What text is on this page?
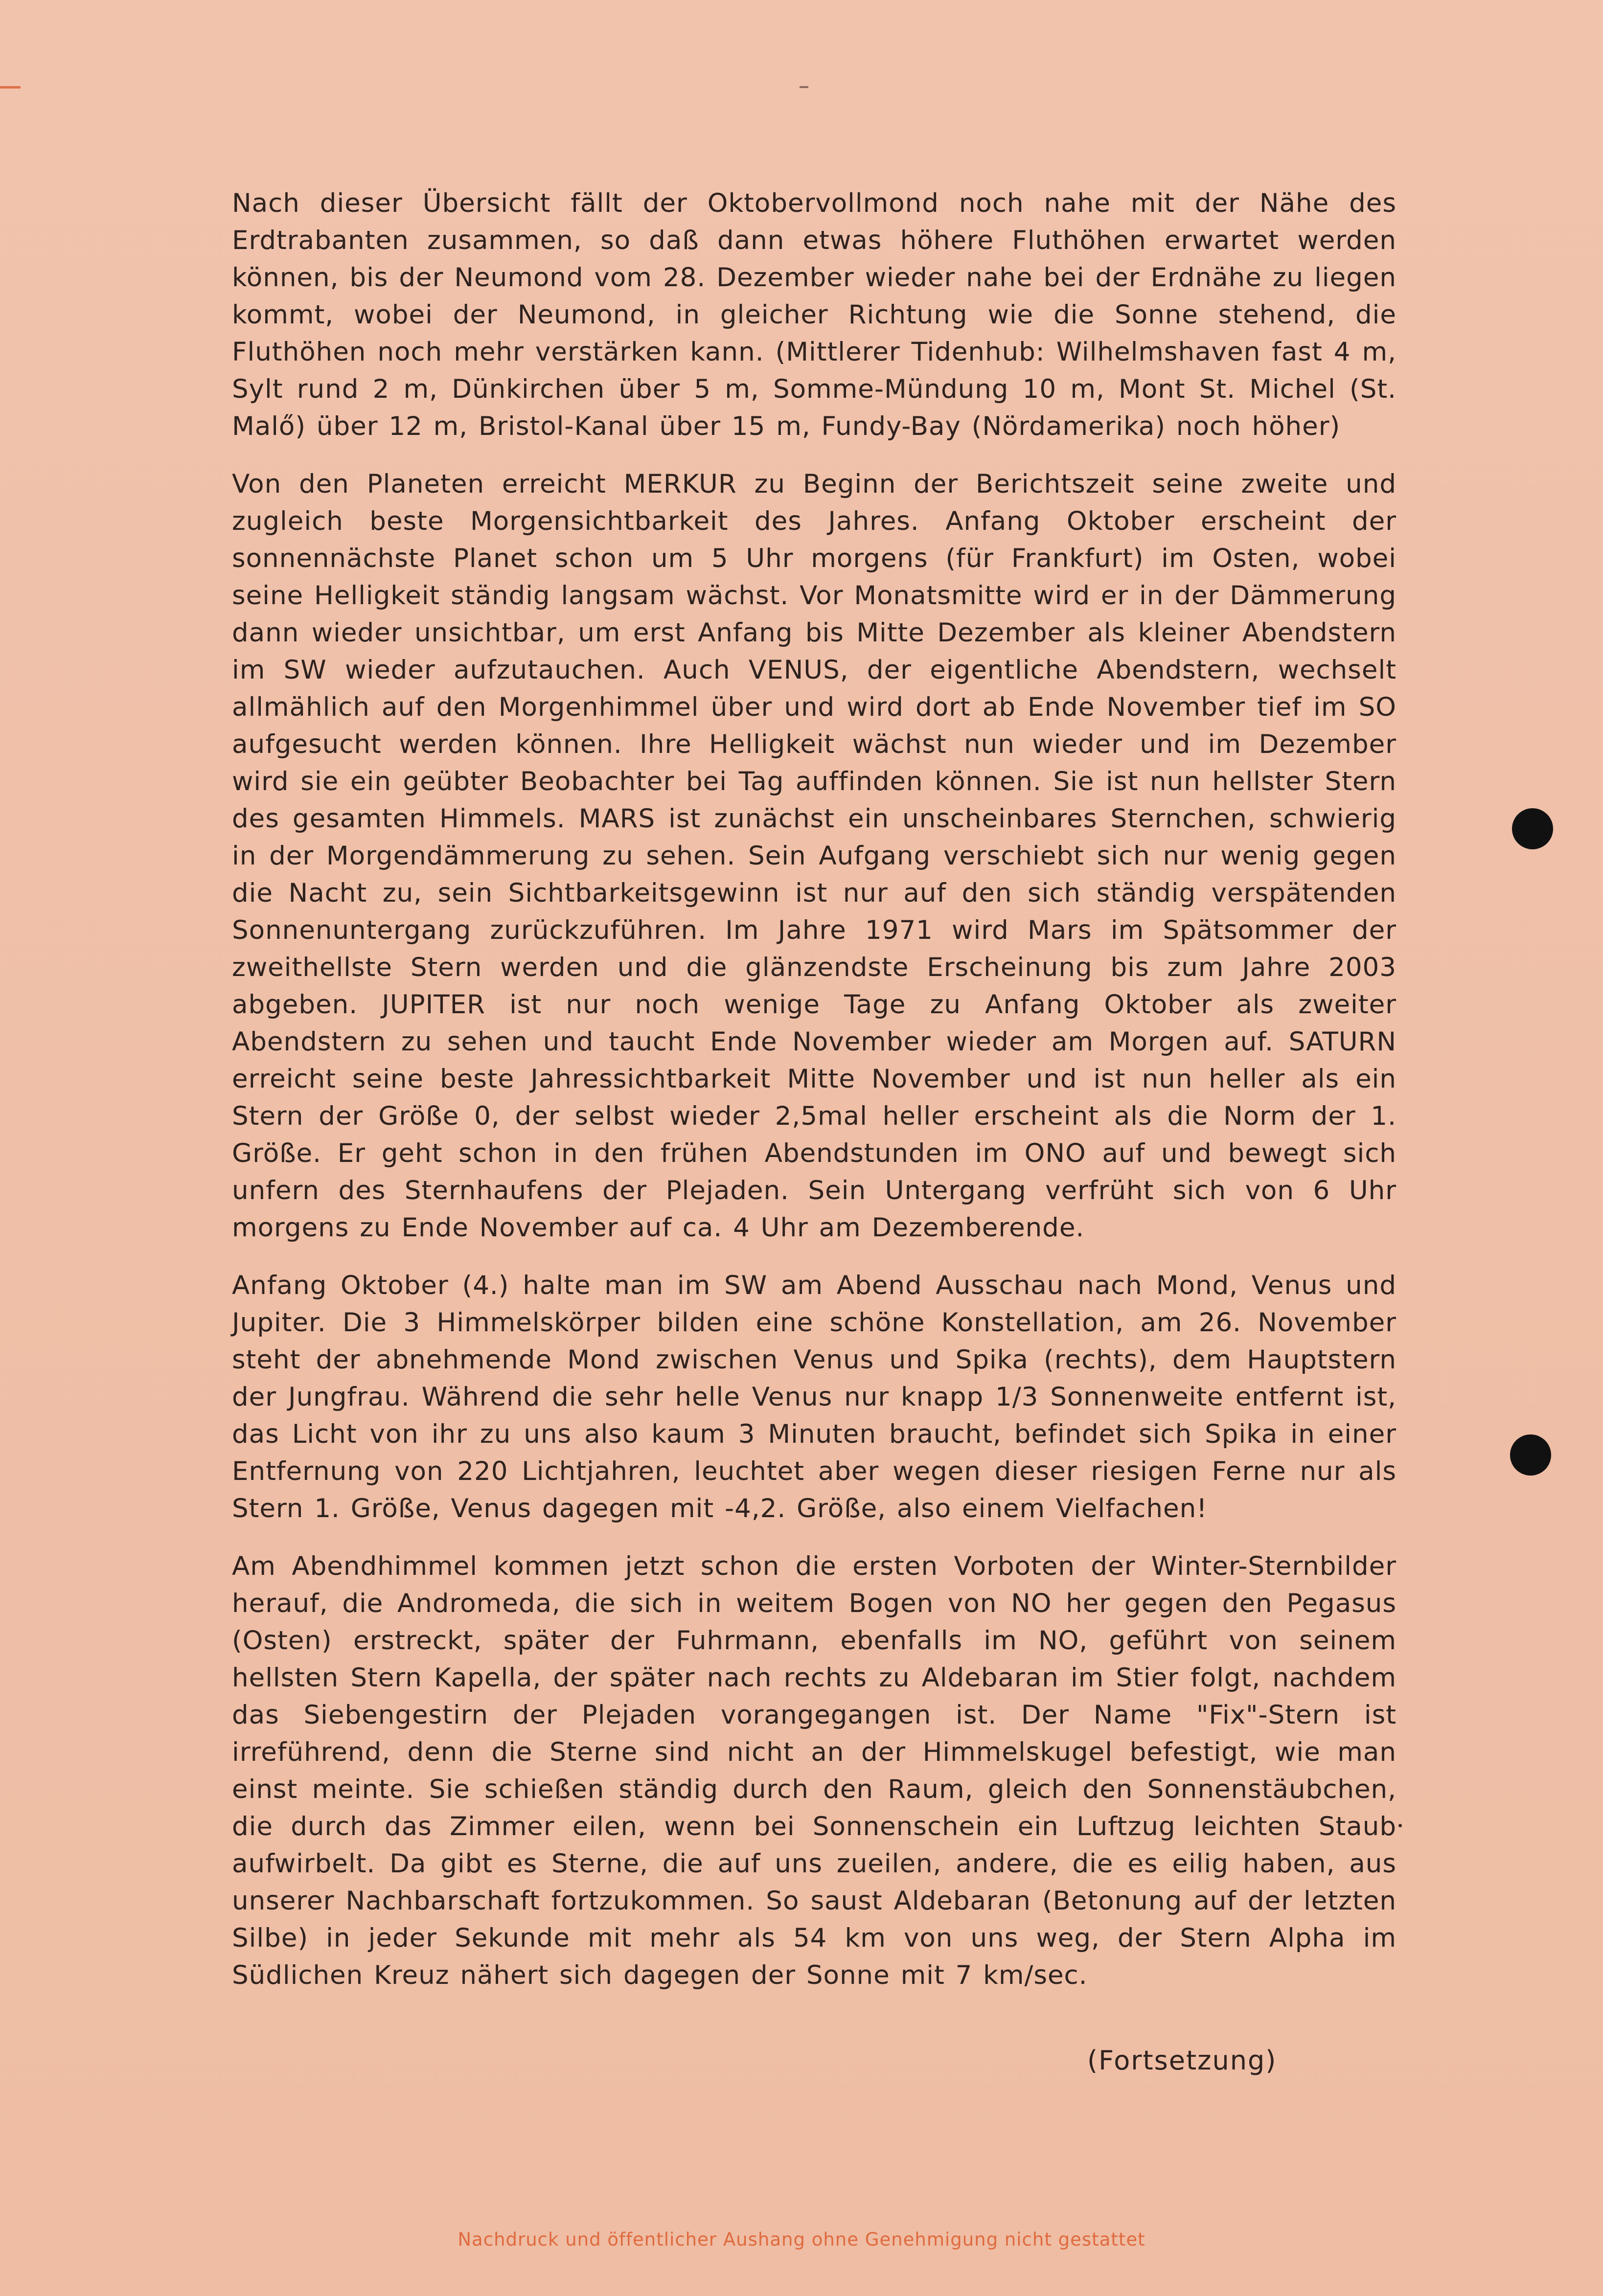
Nach dieser Übersicht fällt der Oktobervollmond noch nahe mit der Nähe des Erdtrabanten zusammen, so daß dann etwas höhere Fluthöhen erwartet werden können, bis der Neumond vom 28. Dezember wieder nahe bei der Erdnähe zu liegen kommt, wobei der Neumond, in gleicher Richtung wie die Sonne stehend, die Fluthöhen noch mehr verstärken kann. (Mittlerer Tidenhub: Wilhelmshaven fast 4 m, Sylt rund 2 m, Dünkirchen über 5 m, Somme-Mündung 10 m, Mont St. Michel (St. Malő) über 12 m, Bristol-Kanal über 15 m, Fundy-Bay (Nördamerika) noch höher)

Von den Planeten erreicht MERKUR zu Beginn der Berichtszeit seine zweite und zugleich beste Morgensichtbarkeit des Jahres. Anfang Oktober erscheint der sonnennächste Planet schon um 5 Uhr morgens (für Frankfurt) im Osten, wobei seine Helligkeit ständig langsam wächst. Vor Monatsmitte wird er in der Dämmerung dann wieder unsichtbar, um erst Anfang bis Mitte Dezember als kleiner Abendstern im SW wieder aufzutauchen. Auch VENUS, der eigentliche Abendstern, wechselt allmählich auf den Morgenhimmel über und wird dort ab Ende November tief im SO aufgesucht werden können. Ihre Helligkeit wächst nun wieder und im Dezember wird sie ein geübter Beobachter bei Tag auffinden können. Sie ist nun hellster Stern des gesamten Himmels. MARS ist zunächst ein unscheinbares Sternchen, schwierig in der Morgendämmerung zu sehen. Sein Aufgang verschiebt sich nur wenig gegen die Nacht zu, sein Sichtbarkeitsgewinn ist nur auf den sich ständig verspätenden Sonnenuntergang zurückzuführen. Im Jahre 1971 wird Mars im Spätsommer der zweithellste Stern werden und die glänzendste Erscheinung bis zum Jahre 2003 abgeben. JUPITER ist nur noch wenige Tage zu Anfang Oktober als zweiter Abendstern zu sehen und taucht Ende November wieder am Morgen auf. SATURN erreicht seine beste Jahressichtbarkeit Mitte November und ist nun heller als ein Stern der Größe 0, der selbst wieder 2,5mal heller erscheint als die Norm der 1. Größe. Er geht schon in den frühen Abendstunden im ONO auf und bewegt sich unfern des Sternhaufens der Plejaden. Sein Untergang verfrüht sich von 6 Uhr morgens zu Ende November auf ca. 4 Uhr am Dezemberende.

Anfang Oktober (4.) halte man im SW am Abend Ausschau nach Mond, Venus und Jupiter. Die 3 Himmelskörper bilden eine schöne Konstellation, am 26. November steht der abnehmende Mond zwischen Venus und Spika (rechts), dem Hauptstern der Jungfrau. Während die sehr helle Venus nur knapp 1/3 Sonnenweite entfernt ist, das Licht von ihr zu uns also kaum 3 Minuten braucht, befindet sich Spika in einer Entfernung von 220 Lichtjahren, leuchtet aber wegen dieser riesigen Ferne nur als Stern 1. Größe, Venus dagegen mit -4,2. Größe, also einem Vielfachen!

Am Abendhimmel kommen jetzt schon die ersten Vorboten der Winter-Sternbilder herauf, die Andromeda, die sich in weitem Bogen von NO her gegen den Pegasus (Osten) erstreckt, später der Fuhrmann, ebenfalls im NO, geführt von seinem hellsten Stern Kapella, der später nach rechts zu Aldebaran im Stier folgt, nachdem das Siebengestirn der Plejaden vorangegangen ist. Der Name "Fix"-Stern ist irreführend, denn die Sterne sind nicht an der Himmelskugel befestigt, wie man einst meinte. Sie schießen ständig durch den Raum, gleich den Sonnenstäubchen, die durch das Zimmer eilen, wenn bei Sonnenschein ein Luftzug leichten Staub aufwirbelt. Da gibt es Sterne, die auf uns zueilen, andere, die es eilig haben, aus unserer Nachbarschaft fortzukommen. So saust Aldebaran (Betonung auf der letzten Silbe) in jeder Sekunde mit mehr als 54 km von uns weg, der Stern Alpha im Südlichen Kreuz nähert sich dagegen der Sonne mit 7 km/sec.

(Fortsetzung)
Nachdruck und öffentlicher Aushang ohne Genehmigung nicht gestattet
